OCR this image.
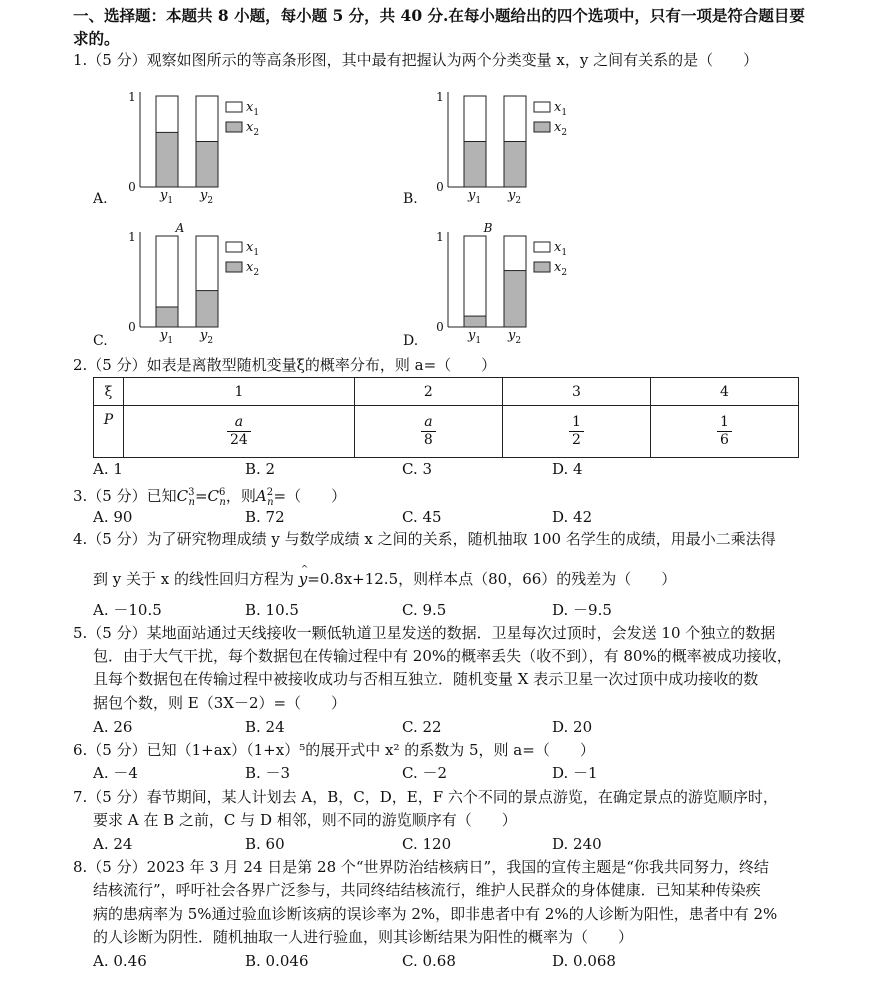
一、选择题：本题共 8 小题，每小题 5 分，共 40 分.在每小题给出的四个选项中，只有一项是符合题目要
求的。
1.（5 分）观察如图所示的等高条形图，其中最有把握认为两个分类变量 x，y 之间有关系的是（　　）
A.
1
0
$y_1$ $y_2$
$x_1$
$x_2$
B.
1
0
$y_1$ $y_2$
$x_1$
$x_2$
C.
A
1
0
$y_1$ $y_2$
$x_1$
$x_2$
D.
B
1
0
$y_1$ $y_2$
$x_1$
$x_2$
2.（5 分）如表是离散型随机变量ξ的概率分布，则 a=（　　）
ξ	1	2	3	4
P	$\frac{a}{24}$	$\frac{a}{8}$	$\frac{1}{2}$	$\frac{1}{6}$
A. 1	B. 2	C. 3	D. 4
3.（5 分）已知$C^3_n=C^6_n$，则$A^2_n=$（　　）
A. 90	B. 72	C. 45	D. 42
4.（5 分）为了研究物理成绩 y 与数学成绩 x 之间的关系，随机抽取 100 名学生的成绩，用最小二乘法得
到 y 关于 x 的线性回归方程为 ^ y=0.8x+12.5，则样本点（80，66）的残差为（　　）
A. －10.5	B. 10.5	C. 9.5	D. －9.5
5.（5 分）某地面站通过天线接收一颗低轨道卫星发送的数据．卫星每次过顶时，会发送 10 个独立的数据
包．由于大气干扰，每个数据包在传输过程中有 20%的概率丢失（收不到），有 80%的概率被成功接收，
且每个数据包在传输过程中被接收成功与否相互独立．随机变量 X 表示卫星一次过顶中成功接收的数
据包个数，则 E（3X－2）=（　　）
A. 26	B. 24	C. 22	D. 20
6.（5 分）已知（1+ax）（1+x）⁵的展开式中 x² 的系数为 5，则 a=（　　）
A. －4	B. －3	C. －2	D. －1
7.（5 分）春节期间，某人计划去 A，B，C，D，E，F 六个不同的景点游览，在确定景点的游览顺序时，
要求 A 在 B 之前，C 与 D 相邻，则不同的游览顺序有（　　）
A. 24	B. 60	C. 120	D. 240
8.（5 分）2023 年 3 月 24 日是第 28 个“世界防治结核病日”，我国的宣传主题是“你我共同努力，终结
结核流行”，呼吁社会各界广泛参与，共同终结结核流行，维护人民群众的身体健康．已知某种传染疾
病的患病率为 5%通过验血诊断该病的误诊率为 2%，即非患者中有 2%的人诊断为阳性，患者中有 2%
的人诊断为阴性．随机抽取一人进行验血，则其诊断结果为阳性的概率为（　　）
A. 0.46	B. 0.046	C. 0.68	D. 0.068
